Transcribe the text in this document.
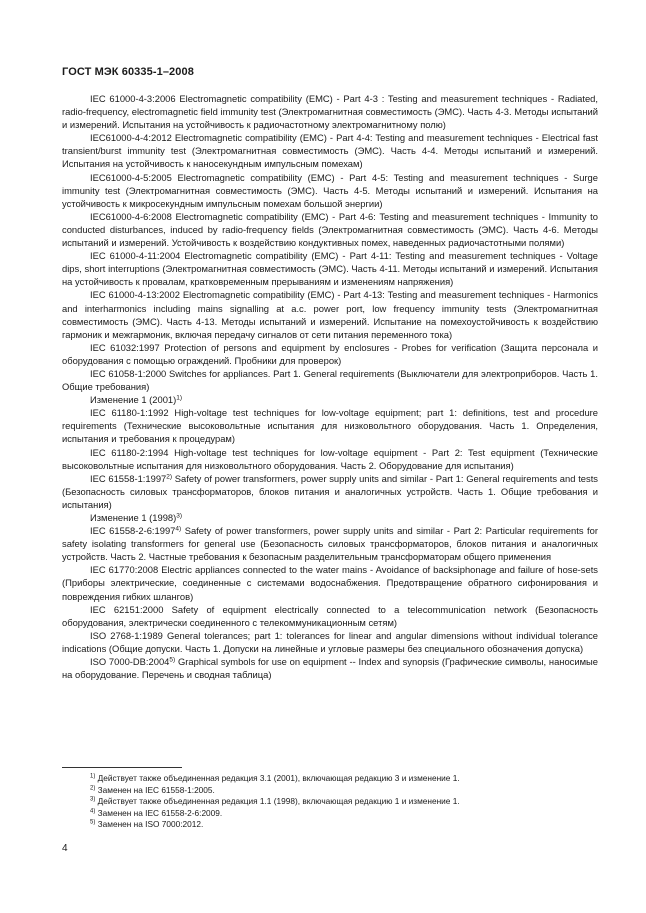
ГОСТ МЭК 60335-1–2008

IEC 61000-4-3:2006 Electromagnetic compatibility (EMC) - Part 4-3 : Testing and measurement techniques - Radiated, radio-frequency, electromagnetic field immunity test (Электромагнитная совместимость (ЭМС). Часть 4-3. Методы испытаний и измерений. Испытания на устойчивость к радиочастотному электромагнитному полю)

IEC61000-4-4:2012 Electromagnetic compatibility (EMC) - Part 4-4: Testing and measurement techniques - Electrical fast transient/burst immunity test (Электромагнитная совместимость (ЭМС). Часть 4-4. Методы испытаний и измерений. Испытания на устойчивость к наносекундным импульсным помехам)

IEC61000-4-5:2005 Electromagnetic compatibility (EMC) - Part 4-5: Testing and measurement techniques - Surge immunity test (Электромагнитная совместимость (ЭМС). Часть 4-5. Методы испытаний и измерений. Испытания на устойчивость к микросекундным импульсным помехам большой энергии)

IEC61000-4-6:2008 Electromagnetic compatibility (EMC) - Part 4-6: Testing and measurement techniques - Immunity to conducted disturbances, induced by radio-frequency fields (Электромагнитная совместимость (ЭМС). Часть 4-6. Методы испытаний и измерений. Устойчивость к воздействию кондуктивных помех, наведенных радиочастотными полями)

IEC 61000-4-11:2004 Electromagnetic compatibility (EMC) - Part 4-11: Testing and measurement techniques - Voltage dips, short interruptions (Электромагнитная совместимость (ЭМС). Часть 4-11. Методы испытаний и измерений. Испытания на устойчивость к провалам, кратковременным прерываниям и изменениям напряжения)

IEC 61000-4-13:2002 Electromagnetic compatibility (EMC) - Part 4-13: Testing and measurement techniques - Harmonics and interharmonics including mains signalling at a.c. power port, low frequency immunity tests (Электромагнитная совместимость (ЭМС). Часть 4-13. Методы испытаний и измерений. Испытание на помехоустойчивость к воздействию гармоник и межгармоник, включая передачу сигналов от сети питания переменного тока)

IEC 61032:1997 Protection of persons and equipment by enclosures - Probes for verification (Защита персонала и оборудования с помощью ограждений. Пробники для проверок)

IEC 61058-1:2000 Switches for appliances. Part 1. General requirements (Выключатели для электроприборов. Часть 1. Общие требования)

Изменение 1 $(2001)^{1)}$

IEC 61180-1:1992 High-voltage test techniques for low-voltage equipment; part 1: definitions, test and procedure requirements (Технические высоковольтные испытания для низковольтного оборудования. Часть 1. Определения, испытания и требования к процедурам)

IEC 61180-2:1994 High-voltage test techniques for low-voltage equipment - Part 2: Test equipment (Технические высоковольтные испытания для низковольтного оборудования. Часть 2. Оборудование для испытания)

IEC 61558-1:1997$^{2)}$ Safety of power transformers, power supply units and similar - Part 1: General requirements and tests (Безопасность силовых трансформаторов, блоков питания и аналогичных устройств. Часть 1. Общие требования и испытания)

Изменение 1 $(1998)^{3)}$

IEC 61558-2-6:1997$^{4)}$ Safety of power transformers, power supply units and similar - Part 2: Particular requirements for safety isolating transformers for general use (Безопасность силовых трансформаторов, блоков питания и аналогичных устройств. Часть 2. Частные требования к безопасным разделительным трансформаторам общего применения

IEC 61770:2008 Electric appliances connected to the water mains - Avoidance of backsiphonage and failure of hose-sets (Приборы электрические, соединенные с системами водоснабжения. Предотвращение обратного сифонирования и повреждения гибких шлангов)

IEC 62151:2000 Safety of equipment electrically connected to a telecommunication network (Безопасность оборудования, электрически соединенного с телекоммуникационным сетям)

ISO 2768-1:1989 General tolerances; part 1: tolerances for linear and angular dimensions without individual tolerance indications (Общие допуски. Часть 1. Допуски на линейные и угловые размеры без специального обозначения допуска)

ISO 7000-DB:2004$^{5)}$ Graphical symbols for use on equipment -- Index and synopsis (Графические символы, наносимые на оборудование. Перечень и сводная таблица)

$^{1)}$ Действует также объединенная редакция 3.1 (2001), включающая редакцию 3 и изменение 1.

$^{2)}$ Заменен на IEC 61558-1:2005.

$^{3)}$ Действует также объединенная редакция 1.1 (1998), включающая редакцию 1 и изменение 1.

$^{4)}$ Заменен на IEC 61558-2-6:2009.

$^{5)}$ Заменен на ISO 7000:2012.

4
